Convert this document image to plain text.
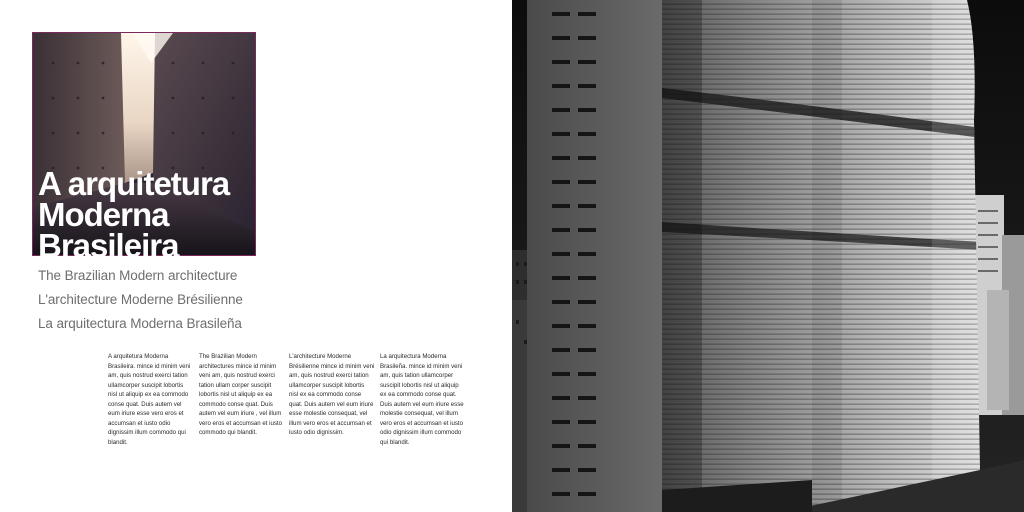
A arquitetura
Moderna
Brasileira

The Brazilian Modern architecture

L'architecture Moderne Brésilienne

La arquitectura Moderna Brasileña

A arquitetura Moderna Brasileira. mince id minim veni am, quis nostrud exerci tation ullamcorper suscipit lobortis nisl ut aliquip ex ea commodo conse quat. Duis autem vel eum iriure esse vero eros et accumsan et iusto odio dignissim illum commodo qui blandit.

The Brazilian Modern architectures mince id minim veni am, quis nostrud exerci tation ullam corper suscipit lobortis nisl ut aliquip ex ea commodo conse quat. Duis autem vel eum iriure , vel illum vero eros et accumsan et iusto commodo qui blandit.

L'architecture Moderne Brésilienne mince id minim veni am, quis nostrud exerci tation ullamcorper suscipit lobortis nisl ex ea commodo conse quat. Duis autem vel eum iriure esse molestie consequat, vel illum vero eros et accumsan et iusto odio dignissim.

La arquitectura Moderna Brasileña. mince id minim veni am, quis tation ullamcorper suscipit lobortis nisl ut aliquip ex ea commodo conse quat. Duis autem vel eum iriure esse molestie consequat, vel illum vero eros et accumsan et iusto odio dignissim illum commodo qui blandit.
